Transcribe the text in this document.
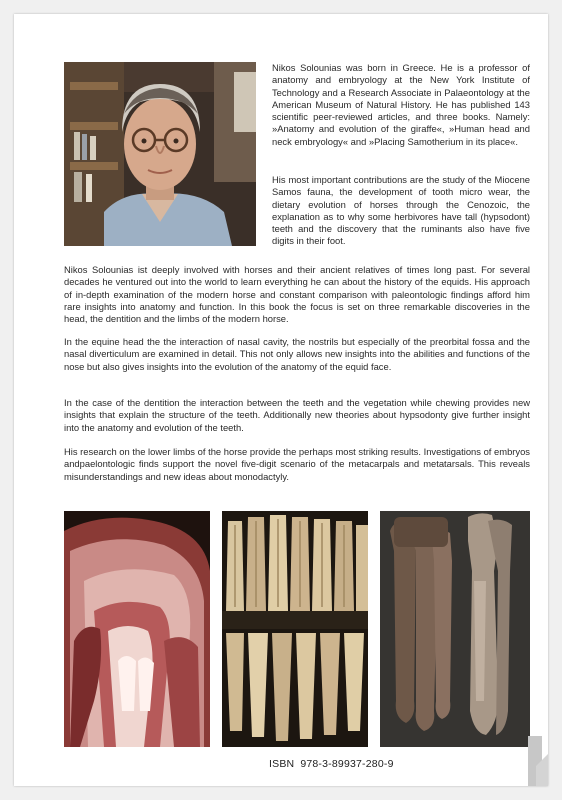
Nikos Solounias was born in Greece. He is a professor of anatomy and embryology at the New York Institute of Technology and a Research Associate in Palaeontology at the American Museum of Natural History. He has published 143 scientific peer-reviewed articles, and three books. Namely: »Anatomy and evolution of the giraffe«, »Human head and neck embryology« and »Placing Samotherium in its place«.

His most important contributions are the study of the Miocene Samos fauna, the development of tooth micro wear, the dietary evolution of horses through the Cenozoic, the explanation as to why some herbivores have tall (hypsodont) teeth and the discovery that the ruminants also have five digits in their foot.

Nikos Solounias ist deeply involved with horses and their ancient relatives of times long past. For several decades he ventured out into the world to learn everything he can about the history of the equids. His approach of in-depth examination of the modern horse and constant comparison with paleontologic findings afford him rare insights into anatomy and function. In this book the focus is set on three remarkable discoveries in the head, the dentition and the limbs of the modern horse.

In the equine head the the interaction of nasal cavity, the nostrils but especially of the preorbital fossa and the nasal diverticulum are examined in detail. This not only allows new insights into the abilities and functions of the nose but also gives insights into the evolution of the anatomy of the equid face.

In the case of the dentition the interaction between the teeth and the vegetation while chewing provides new insights that explain the structure of the teeth. Additionally new theories about hypsodonty give further insight into the anatomy and evolution of the teeth.

His research on the lower limbs of the horse provide the perhaps most striking results. Investigations of embryos andpaelontologic finds support the novel five-digit scenario of the metacarpals and metatarsals. This reveals misunderstandings and new ideas about monodactyly.

ISBN 978-3-89937-280-9
